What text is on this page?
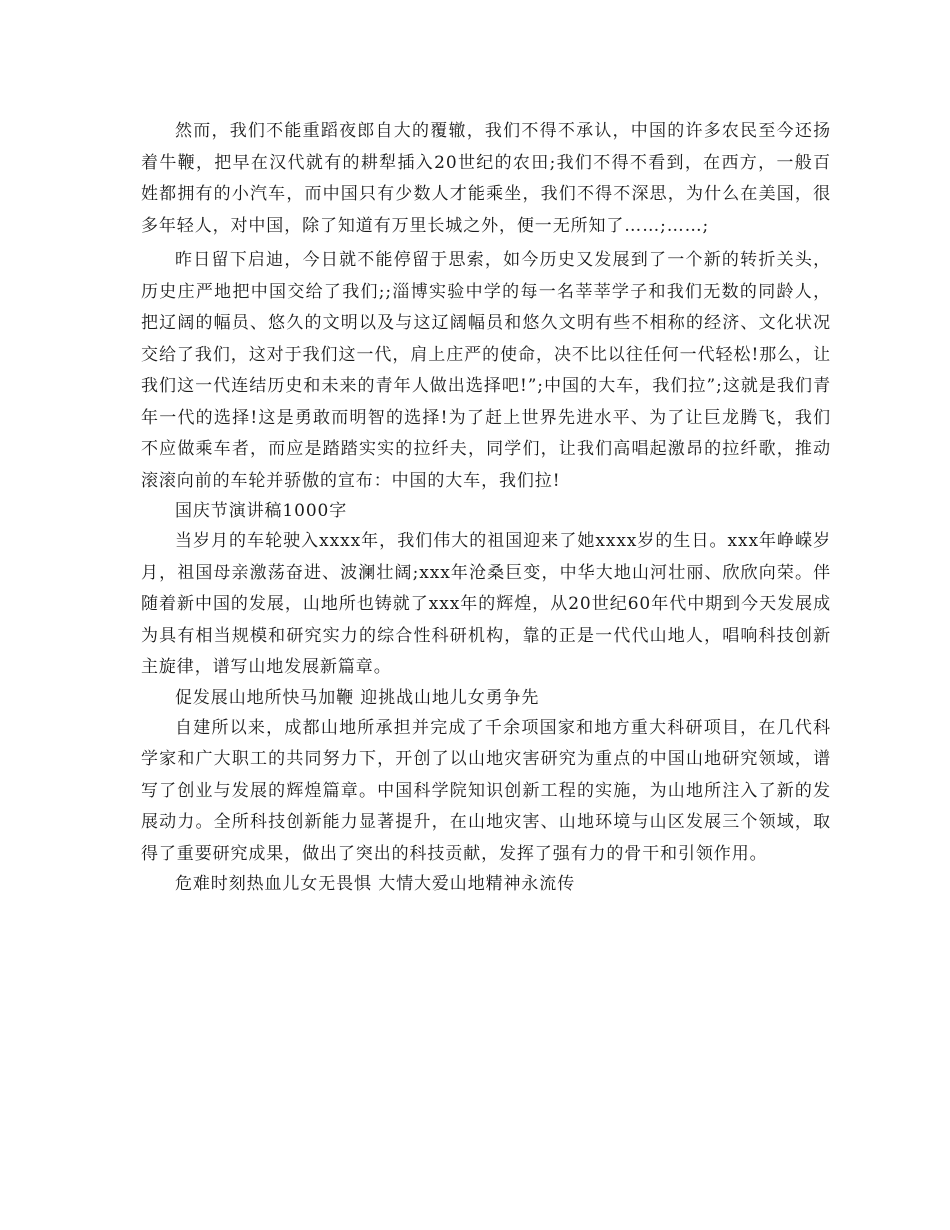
然而，我们不能重蹈夜郎自大的覆辙，我们不得不承认，中国的许多农民至今还扬着牛鞭，把早在汉代就有的耕犁插入20世纪的农田;我们不得不看到，在西方，一般百姓都拥有的小汽车，而中国只有少数人才能乘坐，我们不得不深思，为什么在美国，很多年轻人，对中国，除了知道有万里长城之外，便一无所知了……;……;

昨日留下启迪，今日就不能停留于思索，如今历史又发展到了一个新的转折关头，历史庄严地把中国交给了我们;;淄博实验中学的每一名莘莘学子和我们无数的同龄人，把辽阔的幅员、悠久的文明以及与这辽阔幅员和悠久文明有些不相称的经济、文化状况交给了我们，这对于我们这一代，肩上庄严的使命，决不比以往任何一代轻松!那么，让我们这一代连结历史和未来的青年人做出选择吧!”;中国的大车，我们拉”;这就是我们青年一代的选择!这是勇敢而明智的选择!为了赶上世界先进水平、为了让巨龙腾飞，我们不应做乘车者，而应是踏踏实实的拉纤夫，同学们，让我们高唱起激昂的拉纤歌，推动滚滚向前的车轮并骄傲的宣布：中国的大车，我们拉!

国庆节演讲稿1000字

当岁月的车轮驶入xxxx年，我们伟大的祖国迎来了她xxxx岁的生日。xxx年峥嵘岁月，祖国母亲激荡奋进、波澜壮阔;xxx年沧桑巨变，中华大地山河壮丽、欣欣向荣。伴随着新中国的发展，山地所也铸就了xxx年的辉煌，从20世纪60年代中期到今天发展成为具有相当规模和研究实力的综合性科研机构，靠的正是一代代山地人，唱响科技创新主旋律，谱写山地发展新篇章。

促发展山地所快马加鞭 迎挑战山地儿女勇争先

自建所以来，成都山地所承担并完成了千余项国家和地方重大科研项目，在几代科学家和广大职工的共同努力下，开创了以山地灾害研究为重点的中国山地研究领域，谱写了创业与发展的辉煌篇章。中国科学院知识创新工程的实施，为山地所注入了新的发展动力。全所科技创新能力显著提升，在山地灾害、山地环境与山区发展三个领域，取得了重要研究成果，做出了突出的科技贡献，发挥了强有力的骨干和引领作用。

危难时刻热血儿女无畏惧 大情大爱山地精神永流传
